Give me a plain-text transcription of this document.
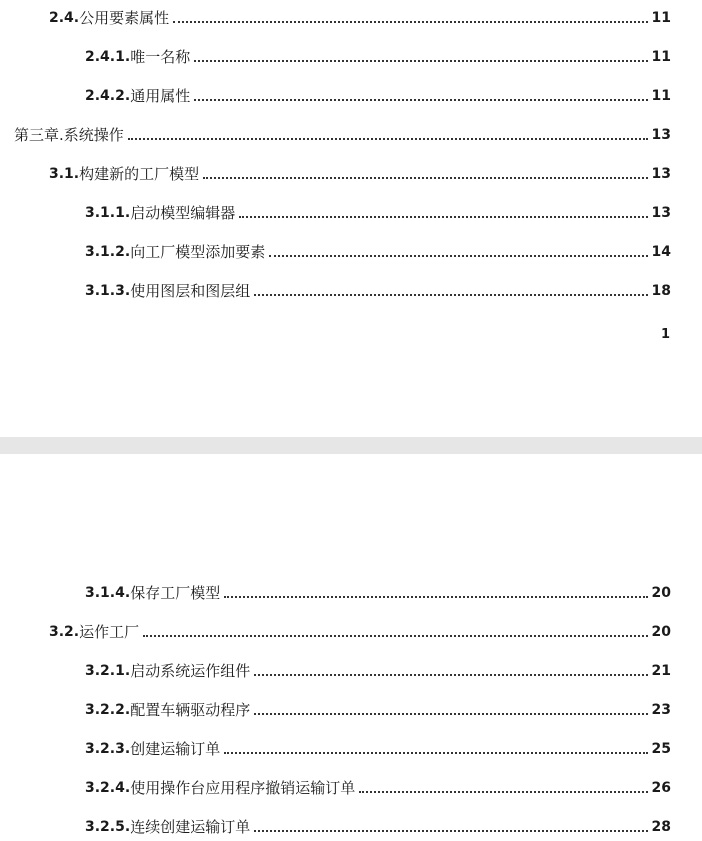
2.4. 公用要素属性	11
2.4.1. 唯一名称	11
2.4.2. 通用属性	11
第三章.系统操作	13
3.1. 构建新的工厂模型	13
3.1.1. 启动模型编辑器	13
3.1.2. 向工厂模型添加要素	14
3.1.3. 使用图层和图层组	18
1
3.1.4. 保存工厂模型	20
3.2. 运作工厂	20
3.2.1. 启动系统运作组件	21
3.2.2. 配置车辆驱动程序	23
3.2.3. 创建运输订单	25
3.2.4. 使用操作台应用程序撤销运输订单	26
3.2.5. 连续创建运输订单	28
